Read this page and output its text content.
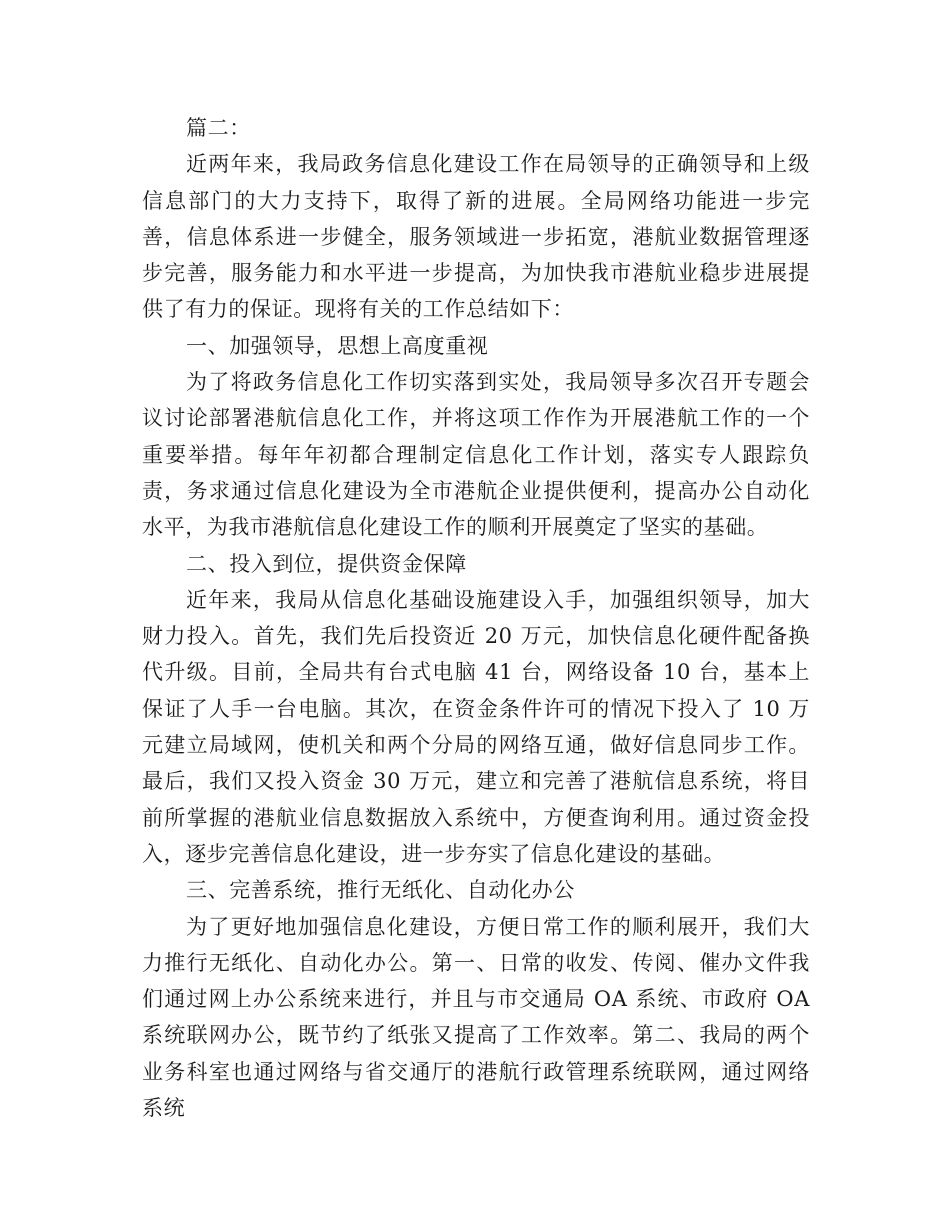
篇二：

近两年来，我局政务信息化建设工作在局领导的正确领导和上级信息部门的大力支持下，取得了新的进展。全局网络功能进一步完善，信息体系进一步健全，服务领域进一步拓宽，港航业数据管理逐步完善，服务能力和水平进一步提高，为加快我市港航业稳步进展提供了有力的保证。现将有关的工作总结如下：

一、加强领导，思想上高度重视

为了将政务信息化工作切实落到实处，我局领导多次召开专题会议讨论部署港航信息化工作，并将这项工作作为开展港航工作的一个重要举措。每年年初都合理制定信息化工作计划，落实专人跟踪负责，务求通过信息化建设为全市港航企业提供便利，提高办公自动化水平，为我市港航信息化建设工作的顺利开展奠定了坚实的基础。

二、投入到位，提供资金保障

近年来，我局从信息化基础设施建设入手，加强组织领导，加大财力投入。首先，我们先后投资近 20 万元，加快信息化硬件配备换代升级。目前，全局共有台式电脑 41 台，网络设备 10 台，基本上保证了人手一台电脑。其次，在资金条件许可的情况下投入了 10 万元建立局域网，使机关和两个分局的网络互通，做好信息同步工作。最后，我们又投入资金 30 万元，建立和完善了港航信息系统，将目前所掌握的港航业信息数据放入系统中，方便查询利用。通过资金投入，逐步完善信息化建设，进一步夯实了信息化建设的基础。

三、完善系统，推行无纸化、自动化办公

为了更好地加强信息化建设，方便日常工作的顺利展开，我们大力推行无纸化、自动化办公。第一、日常的收发、传阅、催办文件我们通过网上办公系统来进行，并且与市交通局 OA 系统、市政府 OA 系统联网办公，既节约了纸张又提高了工作效率。第二、我局的两个业务科室也通过网络与省交通厅的港航行政管理系统联网，通过网络系统
